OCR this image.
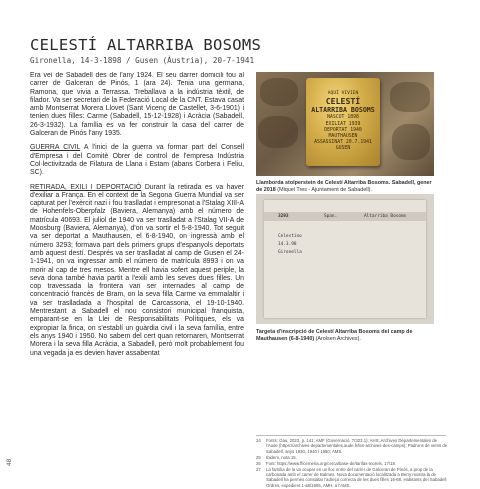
CELESTÍ ALTARRIBA BOSOMS
Gironella, 14-3-1898 / Gusen (Àustria), 20-7-1941

Era veí de Sabadell des de l'any 1924. El seu darrer domicili fou al carrer de Galceran de Pinós, 1 (ara 24). Tenia una germana, Ramona, que vivia a Terrassa. Treballava a la indústria tèxtil, de filador. Va ser secretari de la Federació Local de la CNT. Estava casat amb Montserrat Morera Llovet (Sant Vicenç de Castellet, 3-6-1901) i tenien dues filles: Carme (Sabadell, 15-12-1928) i Acràcia (Sabadell, 26-3-1932). La família es va fer construir la casa del carrer de Galceran de Pinós l'any 1935.

GUERRA CIVIL A l'inici de la guerra va formar part del Consell d'Empresa i del Comitè Obrer de control de l'empresa Indústria Col·lectivitzada de Filatura de Llana i Estam (abans Corbera i Feliu, SC).

RETIRADA, EXILI I DEPORTACIÓ Durant la retirada es va haver d'exiliar a França. En el context de la Segona Guerra Mundial va ser capturat per l'exèrcit nazi i fou traslladat i empresonat a l'Stalag XIII-A de Hohenfels-Oberpfalz (Baviera, Alemanya) amb el número de matrícula 40693. El juliol de 1940 va ser traslladat a l'Stalag VII-A de Moosburg (Baviera, Alemanya), d'on va sortir el 5-8-1940. Tot seguit va ser deportat a Mauthausen, el 6-8-1940, on ingressà amb el número 3293; formava part dels primers grups d'espanyols deportats amb aquest destí. Després va ser traslladat al camp de Gusen el 24-1-1941, on va ingressar amb el número de matrícula 8993 i on va morir al cap de tres mesos. Mentre ell havia sofert aquest periple, la seva dona també havia partit a l'exili amb les seves dues filles. Un cop travessada la frontera van ser internades al camp de concentració francès de Bram, on la seva filla Carme va emmalaltir i va ser traslladada a l'hospital de Carcassona, el 19-10-1940. Mentrestant a Sabadell el nou consistori municipal franquista, emparant-se en la Llei de Responsabilitats Polítiques, els va expropiar la finca, on s'establí un guàrdia civil i la seva família, entre els anys 1940 i 1950. No sabem del cert quan retornaren, Montserrat Morera i la seva filla Acràcia, a Sabadell, però molt probablement fou una vegada ja es devien haver assabentat

48
AQUÍ VIVIEN
CELESTÍ
ALTARRIBA BOSOMS
NASCUT 1898
EXILIAT 1939
DEPORTAT 1940
MAUTHAUSEN
ASSASSINAT 20.7.1941
GUSEN
Llamborda stolperstein de Celestí Altarriba Bosoms. Sabadell, gener de 2018 (Miquel Tres - Ajuntament de Sabadell).
3293	Span.	Altarriba Bosoms
Celestino
14.3.98
Gironella
Targeta d'inscripció de Celestí Altarriba Bosoms del camp de Mauthausen (6-8-1940) (Arolsen Archives).
24	Fonts: Gau, 2023, p. 141; AMF (Governació, 7/323.1); AHS; Archives Départementales de l'Aude (https://archives-departementales.aude.fr/les-archives-des-camps); Padrons de veïns de Sabadell, anys 1930, 1940 i 1950; AMS.
25	Ibidem, nota 15.
26	Font: https://www.fficemeria.org/cerca/base-de/tarifas-morels, 17/18.
27	La família de la va ocupar en un lloc entre del carrer de Galceran de Pinós, a prop de la carbonada amb el carrer de Balmes. Nova documentació localitzada a Berry mostra la de Sabadell ha permès constatar l'adreça correcta de les dues filles 16-68. Habitants del Sabadell Ordres, expedient 1-a8/1905, AMH, a l'AMS.
